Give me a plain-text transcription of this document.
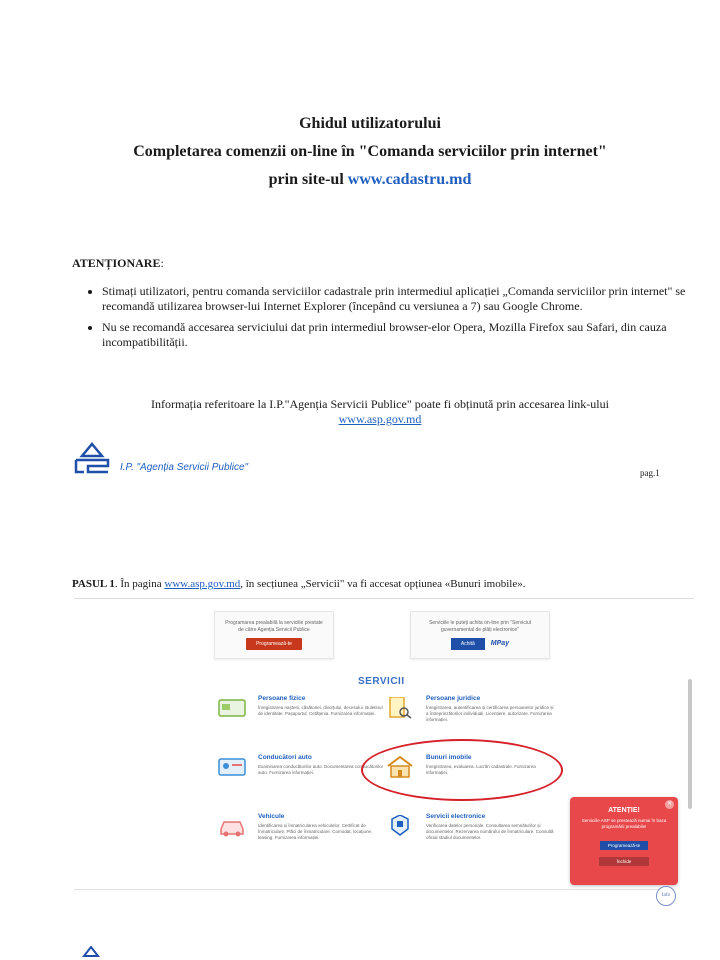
Ghidul utilizatorului
Completarea comenzii on-line în "Comanda serviciilor prin internet"
prin site-ul www.cadastru.md
ATENȚIONARE:
• Stimați utilizatori, pentru comanda serviciilor cadastrale prin intermediul aplicației „Comanda serviciilor prin internet" se recomandă utilizarea browser-lui Internet Explorer (începând cu versiunea a 7) sau Google Chrome.
• Nu se recomandă accesarea serviciului dat prin intermediul browser-elor Opera, Mozilla Firefox sau Safari, din cauza incompatibilității.
Informația referitoare la I.P."Agenția Servicii Publice" poate fi obținută prin accesarea link-ului
www.asp.gov.md
I.P. "Agenția Servicii Publice"	pag.1
PASUL 1. În pagina www.asp.gov.md, în secțiunea „Servicii" va fi accesat opțiunea «Bunuri imobile».
Programarea prealabilă la serviciile prestate de către Agenția Servicii Publice
Programează-te
Serviciile le puteți achita on-line prin "Serviciul guvernamental de plăți electronice"
Achită MPay
SERVICII
Persoane fizice
Înregistrarea nașterii, căsătoriei, divorțului, decesului. Buletinul de identitate. Pașaportul. Cetățenia. Furnizarea informației.
Persoane juridice
Înregistrarea, autentificarea și certificarea persoanelor juridice și a întreprinzătorilor individuali. Licențiere, autorizare. Furnizarea informației.
Conducători auto
Examinarea conducătorilor auto. Documentarea conducătorilor auto. Furnizarea informației.
Bunuri imobile
Înregistrarea, evaluarea. Lucrări cadastrale. Furnizarea informației.
Vehicule
Identificarea și înmatricularea vehiculelor. Certificat de înmatriculare. Plăci de înmatriculare. Comodat, locațiune, leasing. Furnizarea informației.
Servicii electronice
Verificarea datelor personale. Consultarea semnăturilor și documentelor. Rezervarea numărului de înmatriculare. Consultă oficial stadiul documentelor.
✕
ATENȚIE!
Serviciile ASP se prestează numai în baza programării prealabile!
Programează-te
Închide
Info
